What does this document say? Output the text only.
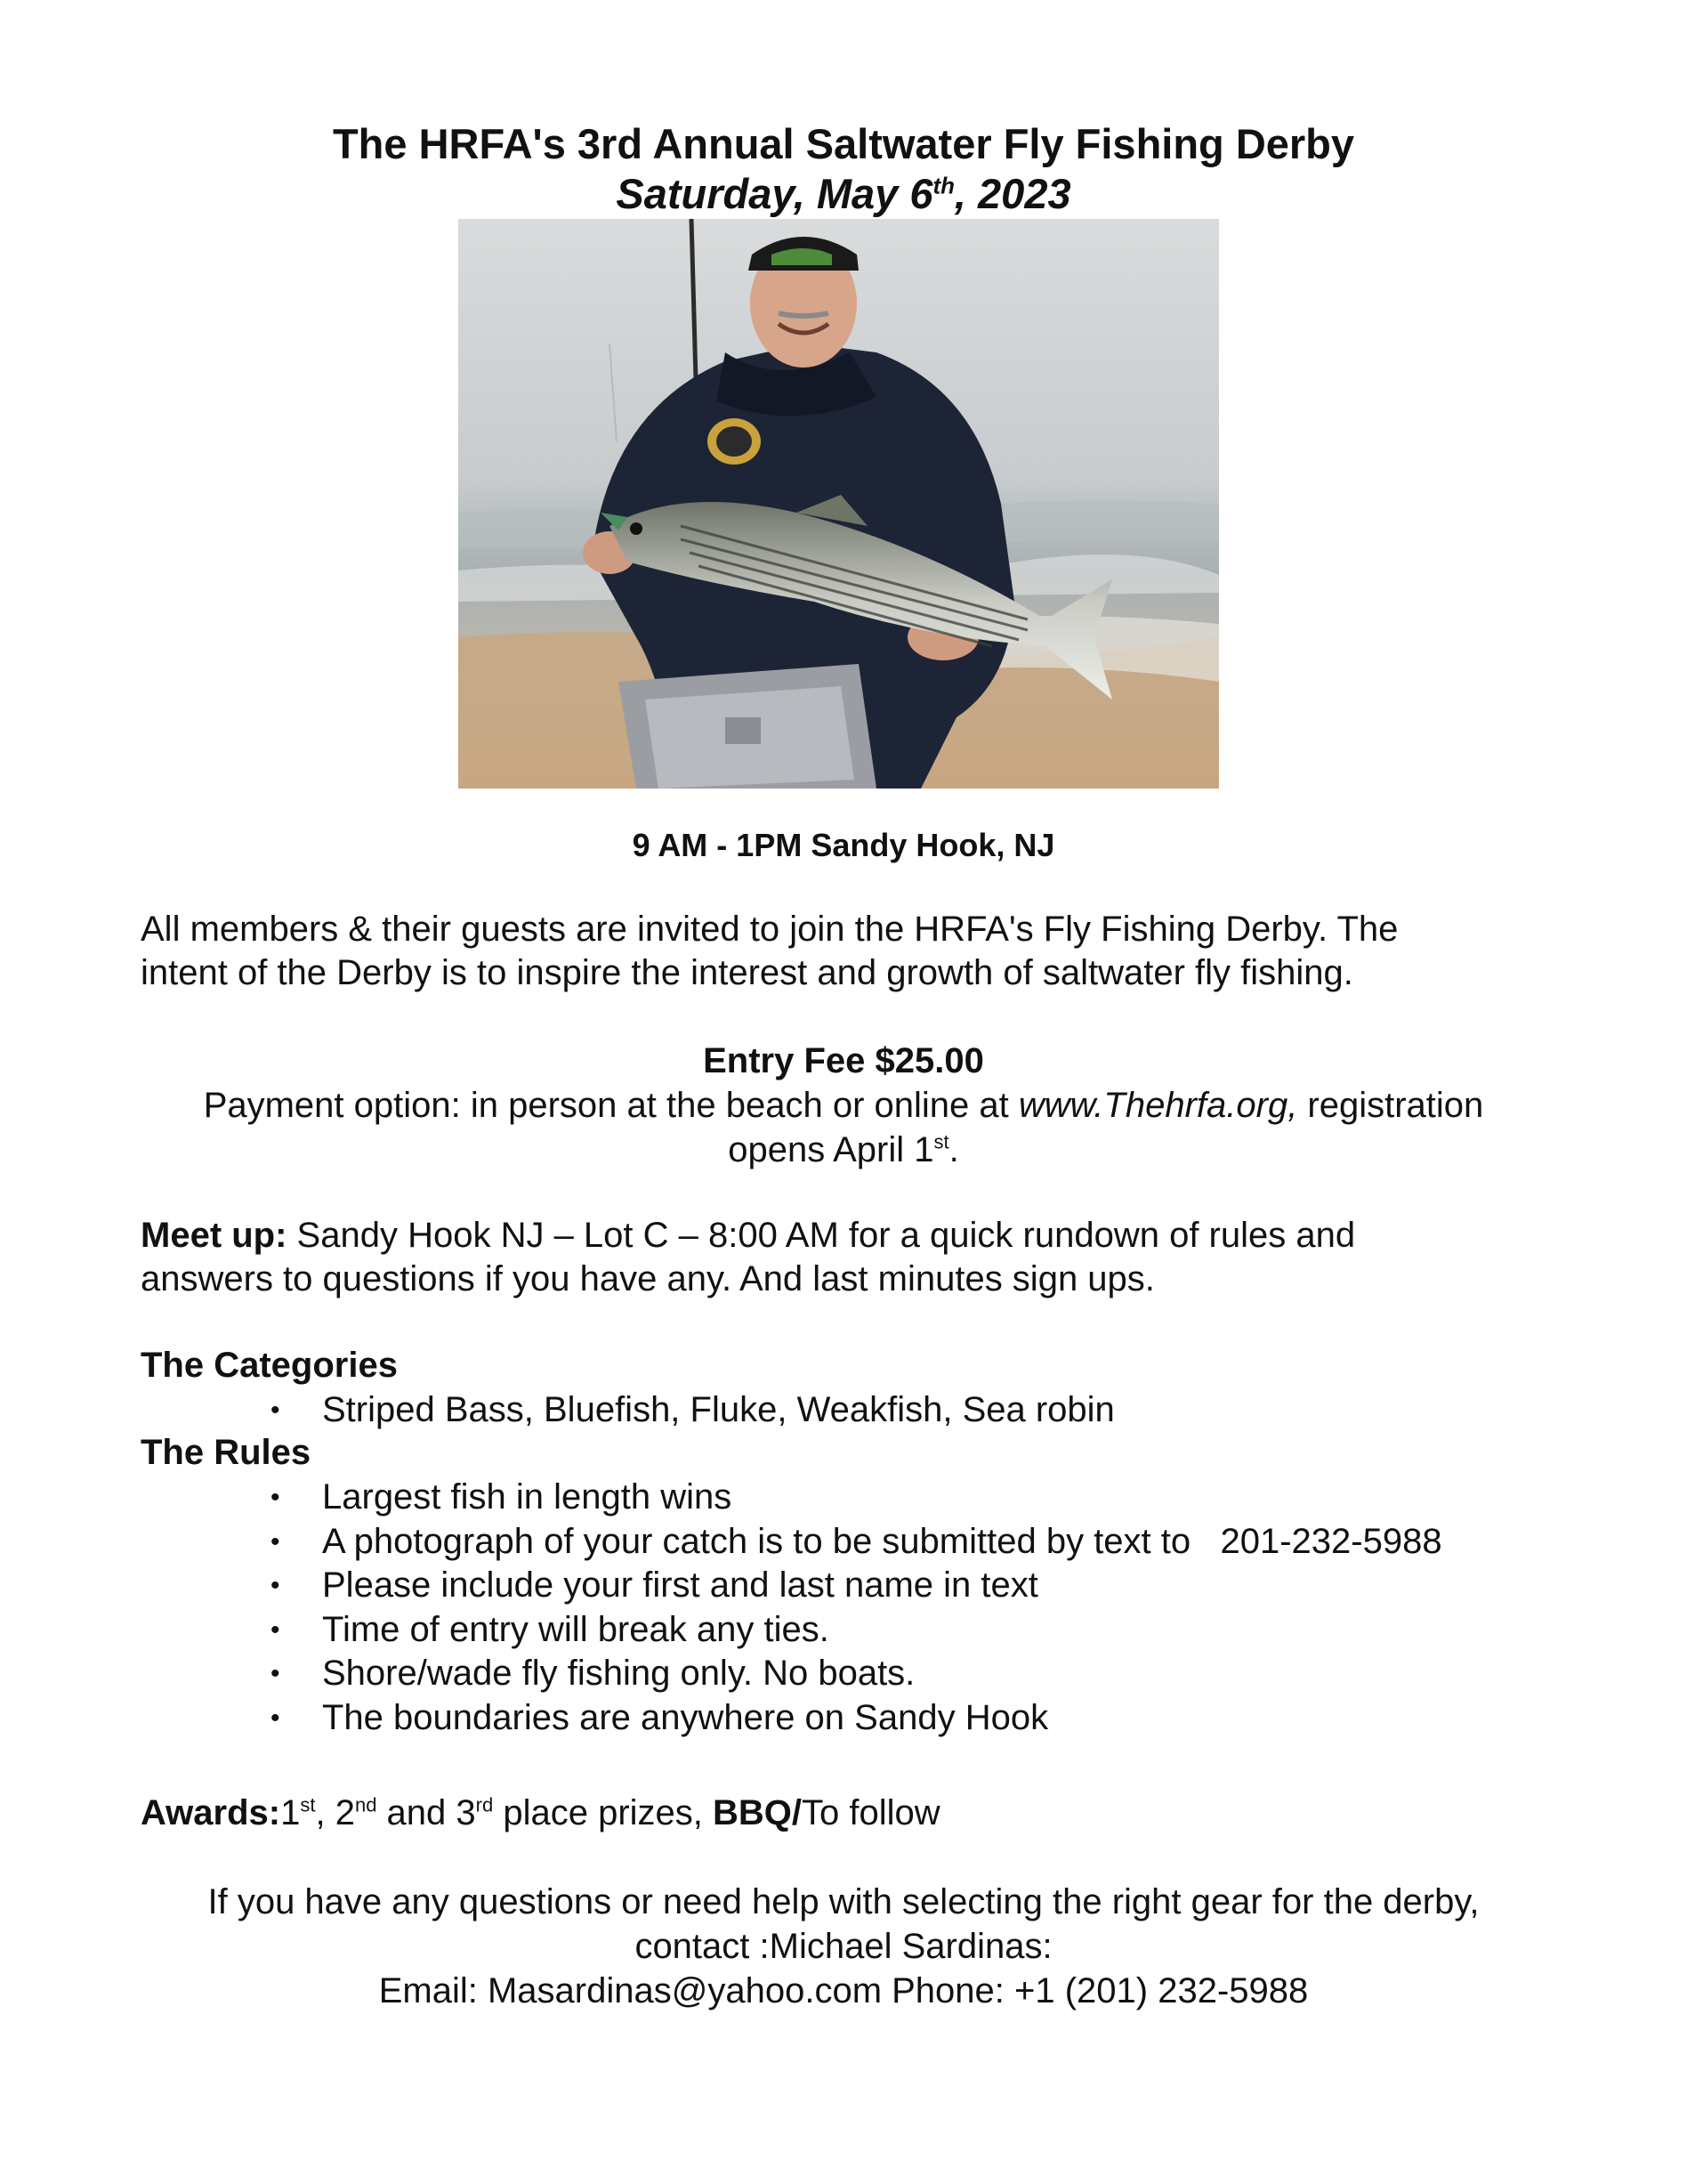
The HRFA's 3rd Annual Saltwater Fly Fishing Derby
Saturday, May 6th, 2023
9 AM - 1PM Sandy Hook, NJ
All members & their guests are invited to join the HRFA's Fly Fishing Derby. The
intent of the Derby is to inspire the interest and growth of saltwater fly fishing.
Entry Fee $25.00
Payment option: in person at the beach or online at www.Thehrfa.org, registration
opens April 1st.
Meet up: Sandy Hook NJ – Lot C – 8:00 AM for a quick rundown of rules and
answers to questions if you have any. And last minutes sign ups.
The Categories
• Striped Bass, Bluefish, Fluke, Weakfish, Sea robin
The Rules
• Largest fish in length wins
• A photograph of your catch is to be submitted by text to   201-232-5988
• Please include your first and last name in text
• Time of entry will break any ties.
• Shore/wade fly fishing only. No boats.
• The boundaries are anywhere on Sandy Hook
Awards:1st, 2nd and 3rd place prizes, BBQ/To follow
If you have any questions or need help with selecting the right gear for the derby,
contact :Michael Sardinas:
Email: Masardinas@yahoo.com Phone: +1 (201) 232-5988
